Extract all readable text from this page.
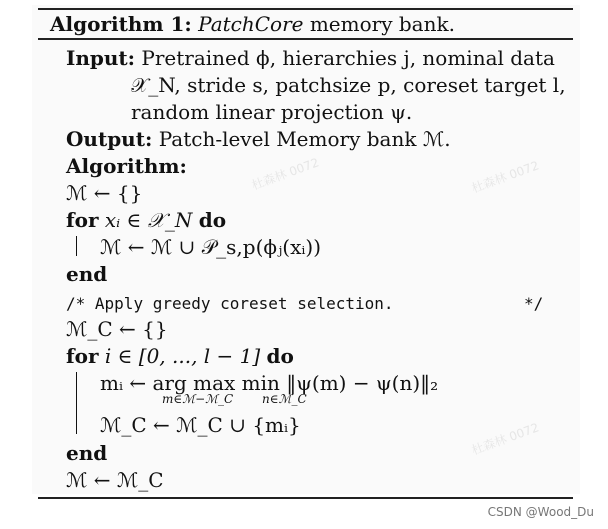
杜森林 0072	杜森林 0072
杜森林 0072
Algorithm 1: PatchCore memory bank.
Input: Pretrained ϕ, hierarchies j, nominal data
𝒳_N, stride s, patchsize p, coreset target l,
random linear projection ψ.
Output: Patch-level Memory bank ℳ.
Algorithm:
ℳ ← {}
for xᵢ ∈ 𝒳_N do
ℳ ← ℳ ∪ 𝒫_s,p(ϕⱼ(xᵢ))
end
/* Apply greedy coreset selection.	*/
ℳ_C ← {}
for i ∈ [0, ..., l − 1] do
mᵢ ← arg max min ‖ψ(m) − ψ(n)‖₂
m∈ℳ−ℳ_C n∈ℳ_C
ℳ_C ← ℳ_C ∪ {mᵢ}
end
ℳ ← ℳ_C
CSDN @Wood_Du
